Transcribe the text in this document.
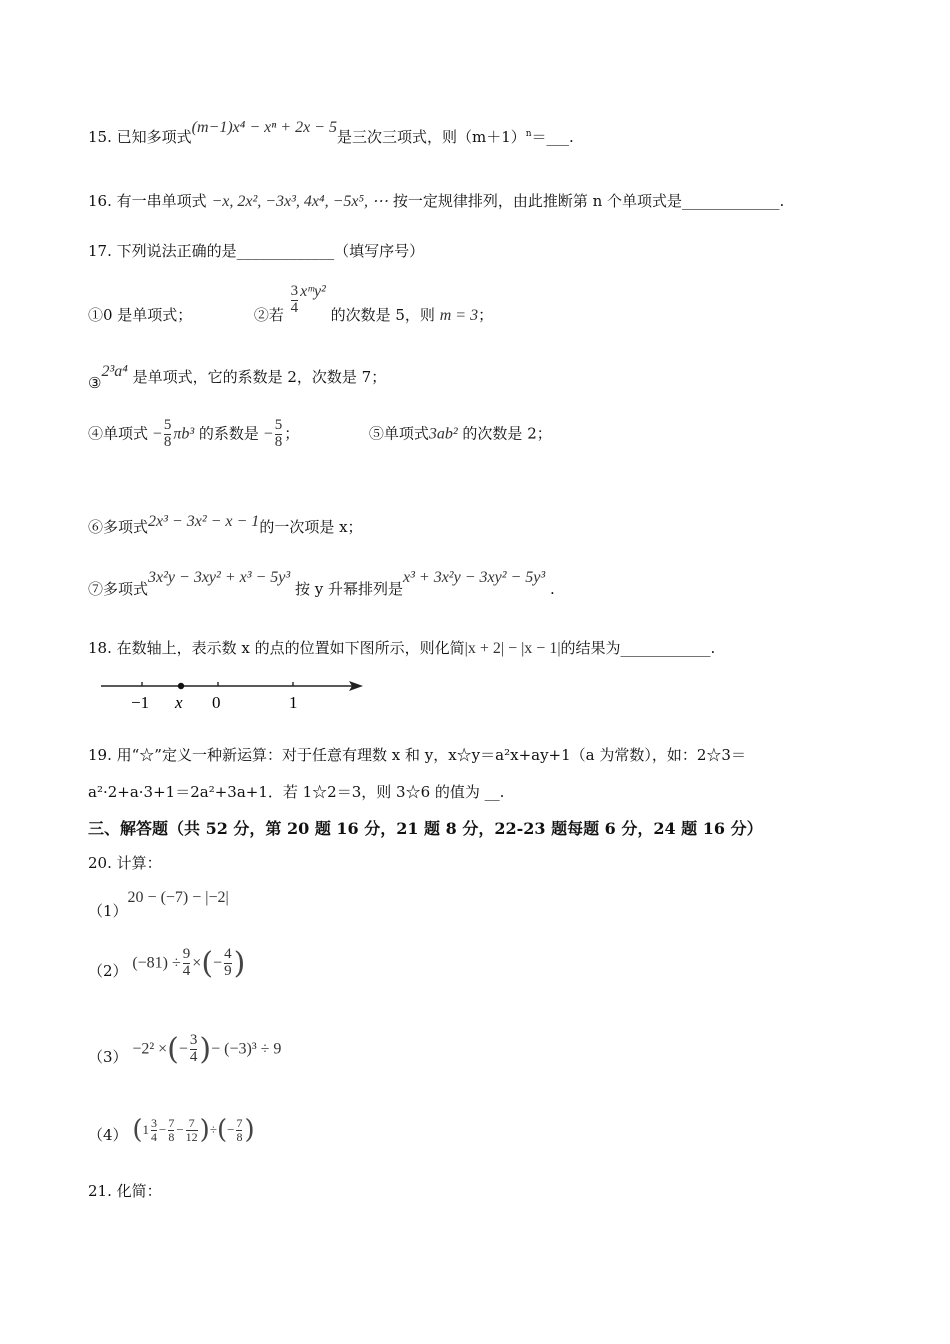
15. 已知多项式(m−1)x⁴ − xⁿ + 2x − 5是三次三项式，则$(m+1)^n=\_\_\_$.
16. 有一串单项式 −x, 2x², −3x³, 4x⁴, −5x⁵, ⋯ 按一定规律排列，由此推断第 n 个单项式是_____________.
17. 下列说法正确的是_____________（填写序号）
①0 是单项式；	②若 $\frac{3}{4}$ xᵐy² 的次数是 5，则 m = 3；
③2³a⁴ 是单项式，它的系数是 2，次数是 7；
④单项式 − $\frac{5}{8} \pi b^3$ 的系数是 − $\frac{5}{8}$ ；	⑤单项式3ab² 的次数是 2；
⑥多项式2x³ − 3x² − x − 1的一次项是 x；
⑦多项式3x²y − 3xy² + x³ − 5y³ 按 y 升幂排列是x³ + 3x²y − 3xy² − 5y³ .
18. 在数轴上，表示数 x 的点的位置如下图所示，则化简|x + 2| − |x − 1|的结果为____________.
−1 x 0	1
19. 用“☆”定义一种新运算：对于任意有理数 x 和 y，x☆y＝a²x+ay+1（a 为常数），如：2☆3＝
a²·2+a·3+1＝2a²+3a+1．若 1☆2＝3，则 3☆6 的值为 __.
三、解答题（共 52 分，第 20 题 16 分，21 题 8 分，22-23 题每题 6 分，24 题 16 分）
20. 计算：
（1）20 − (−7) − |−2|
（2） $(-81) \div \frac{9}{4}$ ×(− $\frac{4}{9}$ )
（3） −2² ×(− $\frac{3}{4}$ )− (−3)³ ÷ 9
（4） ($1 \frac{3}{4} - \frac{7}{8} - \frac{7}{12}$ )÷(− $\frac{7}{8}$ )
21. 化简：
